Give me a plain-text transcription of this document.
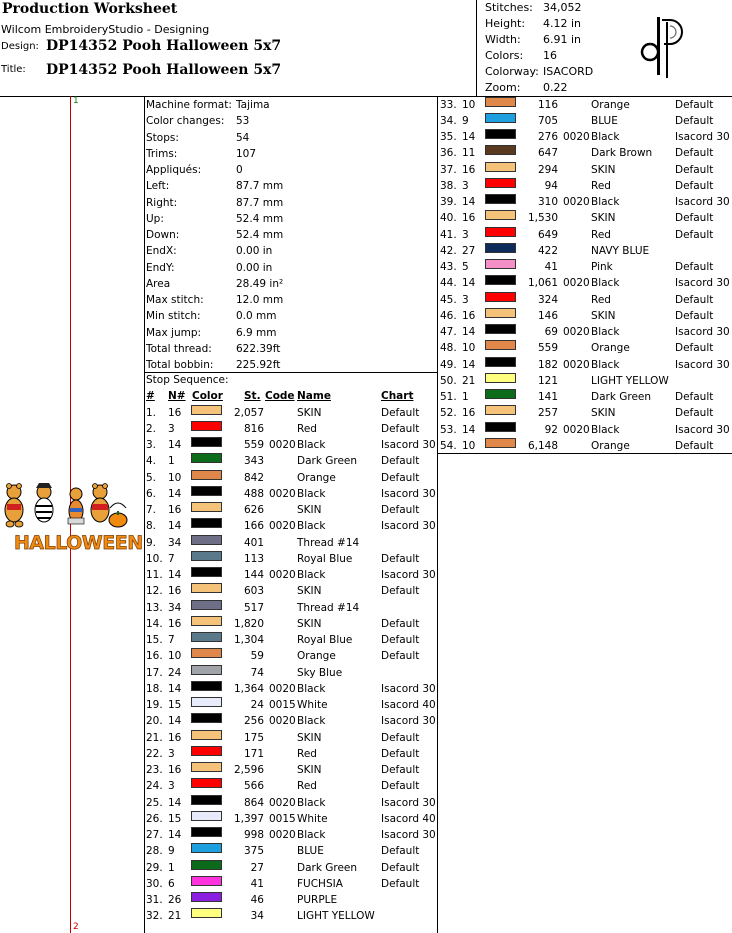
Production Worksheet
Wilcom EmbroideryStudio - Designing
Design: DP14352 Pooh Halloween 5x7
Title: DP14352 Pooh Halloween 5x7
Stitches: 34,052
Height: 4.12 in
Width: 6.91 in
Colors: 16
Colorway: ISACORD
Zoom: 0.22
1
2
HALLOWEEN
Machine format: Tajima
Color changes: 53
Stops:	54
Trims:	107
Appliqués:	0
Left:	87.7 mm
Right:	87.7 mm
Up:	52.4 mm
Down:	52.4 mm
EndX:	0.00 in
EndY:	0.00 in
Area	28.49 in²
Max stitch:	12.0 mm
Min stitch:	0.0 mm
Max jump:	6.9 mm
Total thread: 622.39ft
Total bobbin: 225.92ft
Stop Sequence:
# N# Color St. Code Name	Chart
1. 16	2,057	SKIN	Default
2. 3	816	Red	Default
3. 14	559 0020 Black	Isacord 30
4. 1	343	Dark Green Default
5. 10	842	Orange	Default
6. 14	488 0020 Black	Isacord 30
7. 16	626	SKIN	Default
8. 14	166 0020 Black	Isacord 30
9. 34	401	Thread #14
10. 7	113	Royal Blue	Default
11. 14	144 0020 Black	Isacord 30
12. 16	603	SKIN	Default
13. 34	517	Thread #14
14. 16	1,820	SKIN	Default
15. 7	1,304	Royal Blue	Default
16. 10	59	Orange	Default
17. 24	74	Sky Blue
18. 14	1,364 0020 Black	Isacord 30
19. 15	24 0015 White	Isacord 40
20. 14	256 0020 Black	Isacord 30
21. 16	175	SKIN	Default
22. 3	171	Red	Default
23. 16	2,596	SKIN	Default
24. 3	566	Red	Default
25. 14	864 0020 Black	Isacord 30
26. 15	1,397 0015 White	Isacord 40
27. 14	998 0020 Black	Isacord 30
28. 9	375	BLUE	Default
29. 1	27	Dark Green Default
30. 6	41	FUCHSIA	Default
31. 26	46	PURPLE
32. 21	34	LIGHT YELLOW
33. 10	116	Orange	Default
34. 9	705	BLUE	Default
35. 14	276 0020 Black	Isacord 30
36. 11	647	Dark Brown Default
37. 16	294	SKIN	Default
38. 3	94	Red	Default
39. 14	310 0020 Black	Isacord 30
40. 16	1,530	SKIN	Default
41. 3	649	Red	Default
42. 27	422	NAVY BLUE
43. 5	41	Pink	Default
44. 14	1,061 0020 Black	Isacord 30
45. 3	324	Red	Default
46. 16	146	SKIN	Default
47. 14	69 0020 Black	Isacord 30
48. 10	559	Orange	Default
49. 14	182 0020 Black	Isacord 30
50. 21	121	LIGHT YELLOW
51. 1	141	Dark Green Default
52. 16	257	SKIN	Default
53. 14	92 0020 Black	Isacord 30
54. 10	6,148	Orange	Default
